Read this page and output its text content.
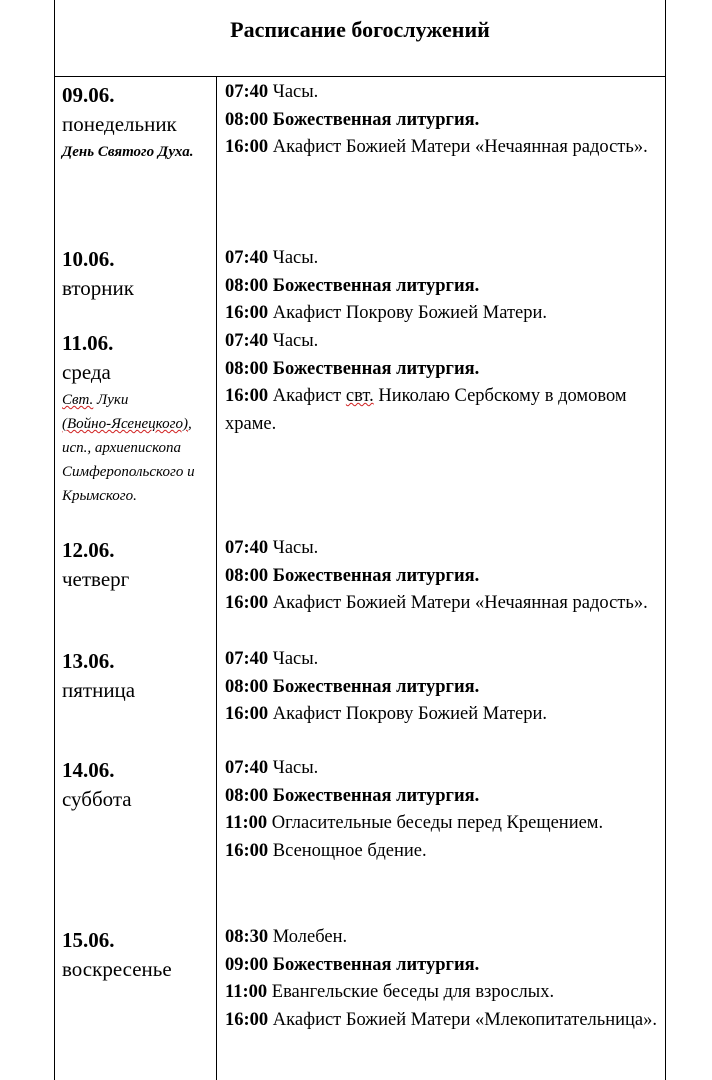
Расписание богослужений
09.06.
понедельник
День Святого Духа.
07:40 Часы.
08:00 Божественная литургия.
16:00 Акафист Божией Матери «Нечаянная радость».
10.06.
вторник
07:40 Часы.
08:00 Божественная литургия.
16:00 Акафист Покрову Божией Матери.
11.06.
среда
Свт. Луки
(Войно-Ясенецкого), исп., архиепископа Симферопольского и Крымского.
07:40 Часы.
08:00 Божественная литургия.
16:00 Акафист свт. Николаю Сербскому в домовом храме.
12.06.
четверг
07:40 Часы.
08:00 Божественная литургия.
16:00 Акафист Божией Матери «Нечаянная радость».
13.06.
пятница
07:40 Часы.
08:00 Божественная литургия.
16:00 Акафист Покрову Божией Матери.
14.06.
суббота
07:40 Часы.
08:00 Божественная литургия.
11:00 Огласительные беседы перед Крещением.
16:00 Всенощное бдение.
15.06.
воскресенье
08:30 Молебен.
09:00 Божественная литургия.
11:00 Евангельские беседы для взрослых.
16:00 Акафист Божией Матери «Млекопитательница».
